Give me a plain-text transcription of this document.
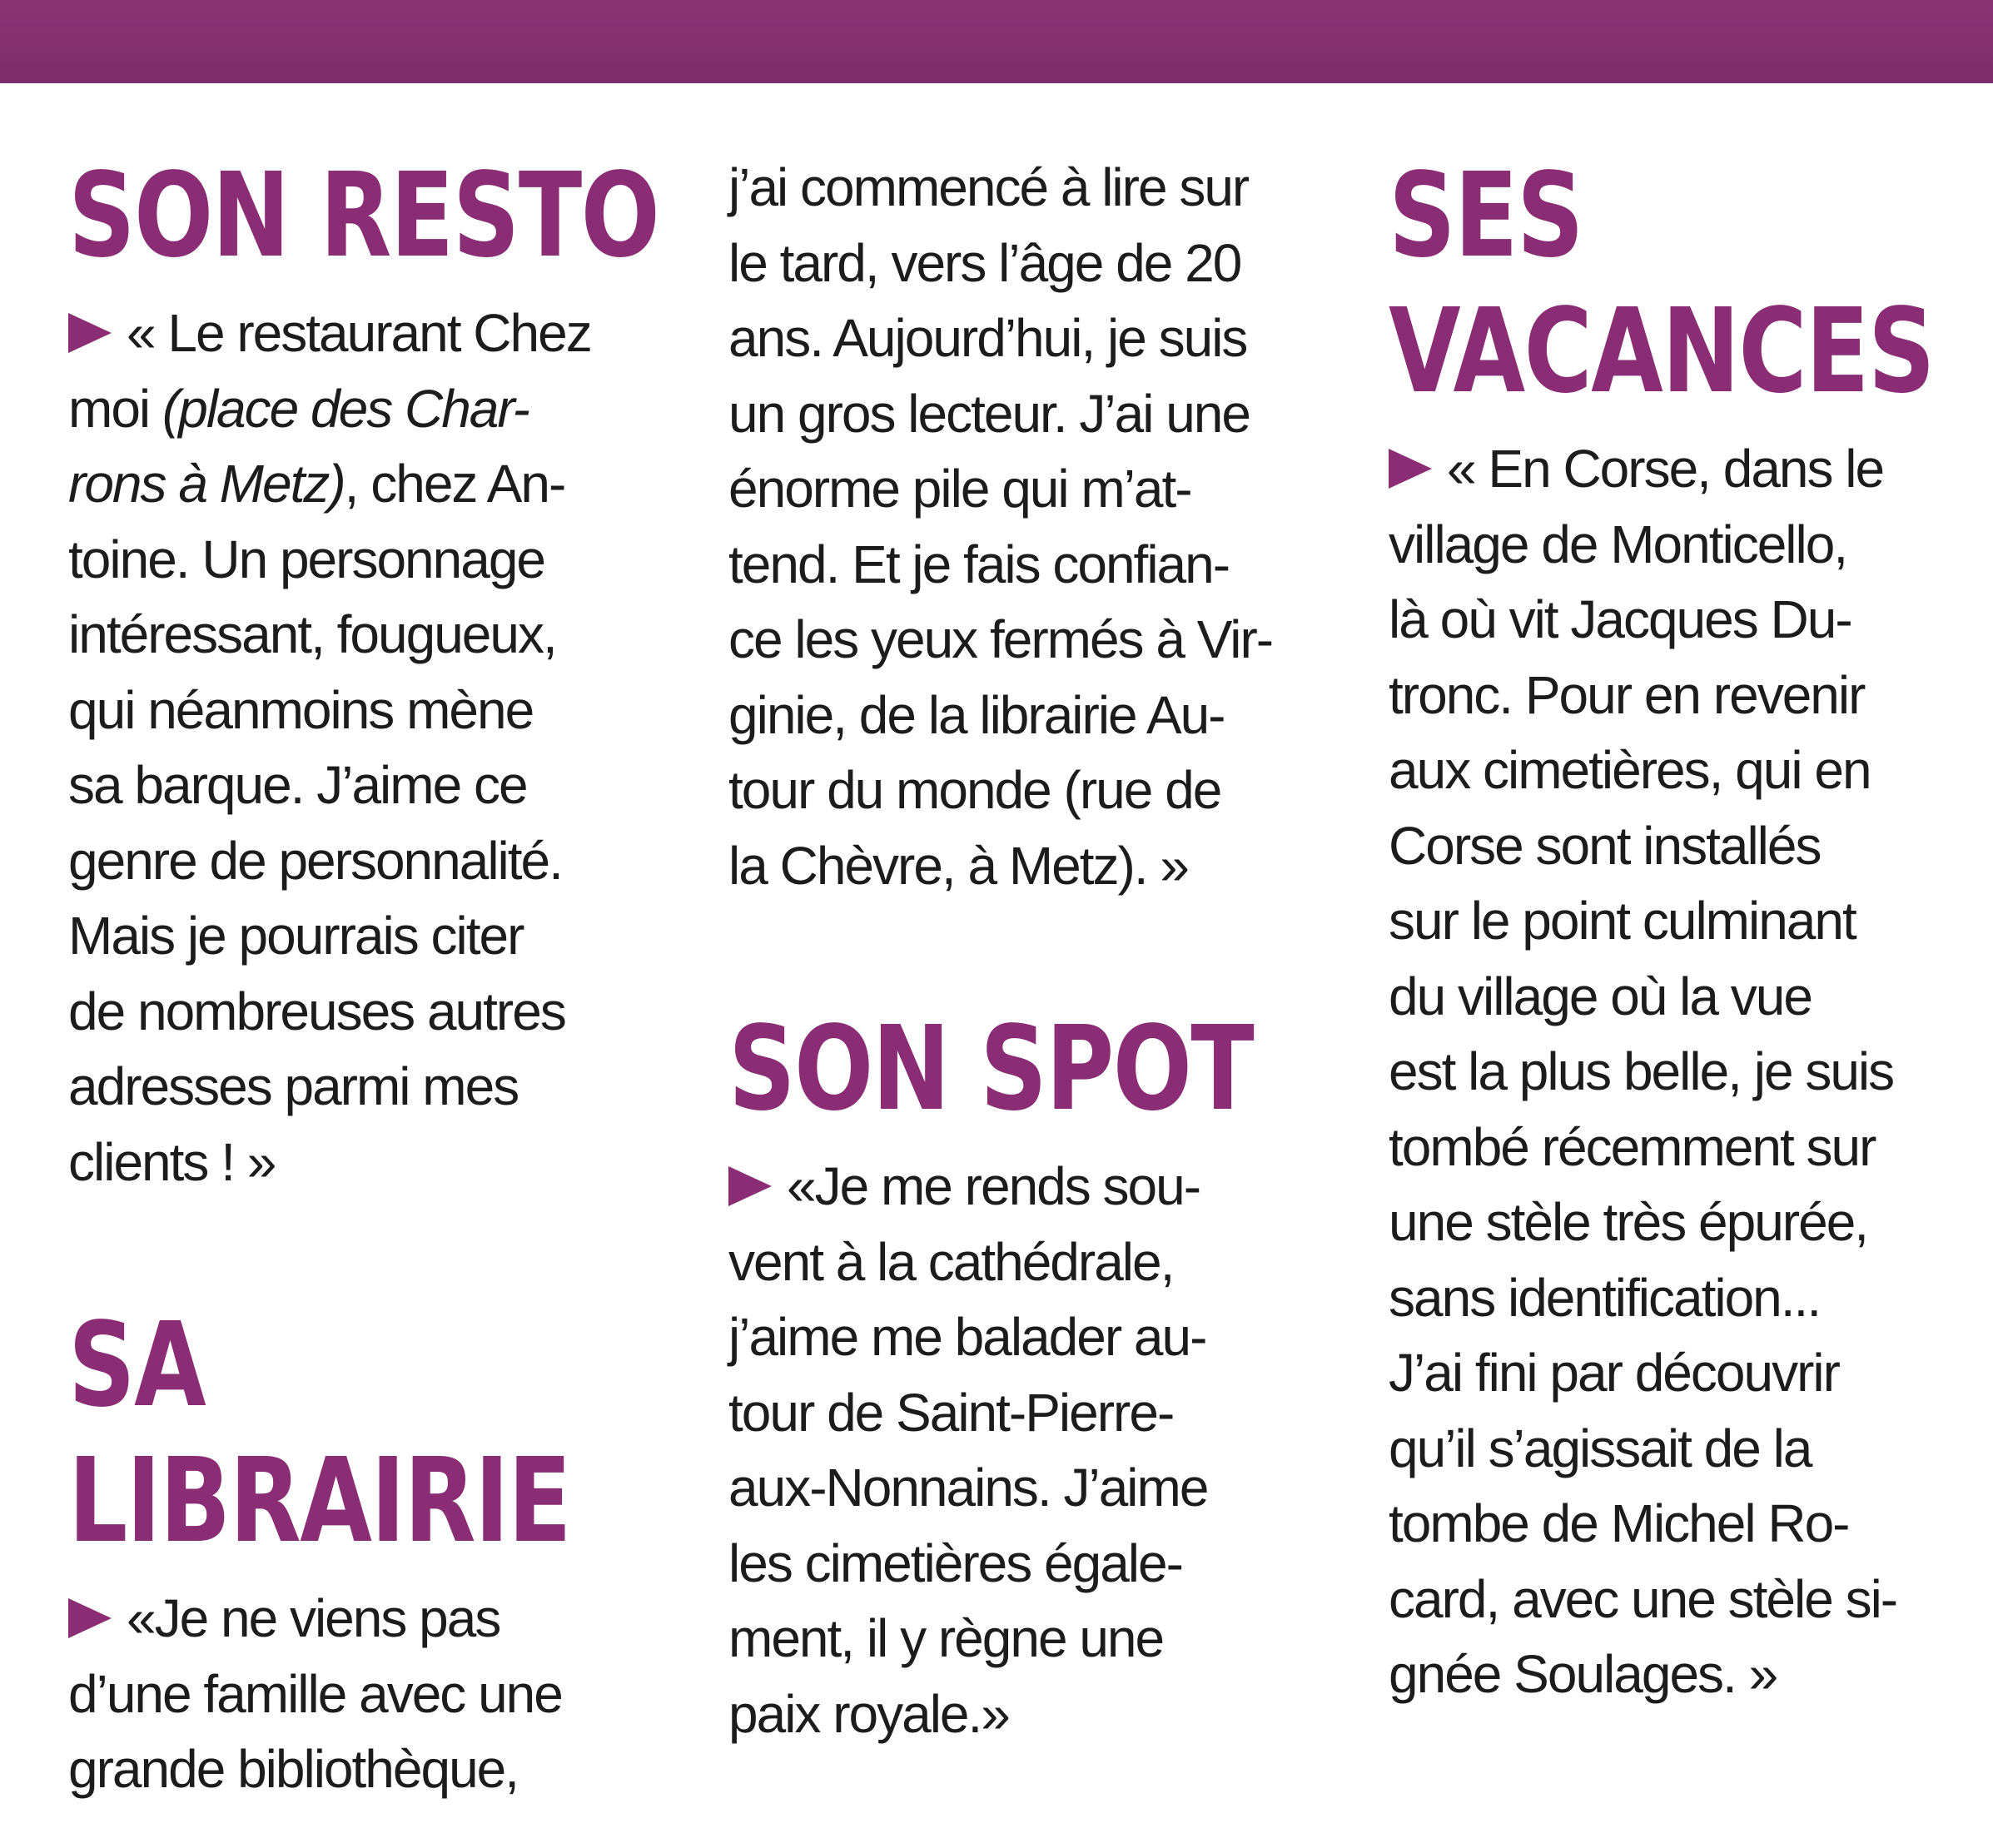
SON RESTO

« Le restaurant Chez
moi (place des Char-
rons à Metz), chez An-
toine. Un personnage
intéressant, fougueux,
qui néanmoins mène
sa barque. J’aime ce
genre de personnalité.
Mais je pourrais citer
de nombreuses autres
adresses parmi mes
clients ! »

SA
LIBRAIRIE

«Je ne viens pas
d’une famille avec une
grande bibliothèque,

j’ai commencé à lire sur
le tard, vers l’âge de 20
ans. Aujourd’hui, je suis
un gros lecteur. J’ai une
énorme pile qui m’at-
tend. Et je fais confian-
ce les yeux fermés à Vir-
ginie, de la librairie Au-
tour du monde (rue de
la Chèvre, à Metz). »

SON SPOT

«Je me rends sou-
vent à la cathédrale,
j’aime me balader au-
tour de Saint-Pierre-
aux-Nonnains. J’aime
les cimetières égale-
ment, il y règne une
paix royale.»

SES
VACANCES

« En Corse, dans le
village de Monticello,
là où vit Jacques Du-
tronc. Pour en revenir
aux cimetières, qui en
Corse sont installés
sur le point culminant
du village où la vue
est la plus belle, je suis
tombé récemment sur
une stèle très épurée,
sans identification...
J’ai fini par découvrir
qu’il s’agissait de la
tombe de Michel Ro-
card, avec une stèle si-
gnée Soulages. »
